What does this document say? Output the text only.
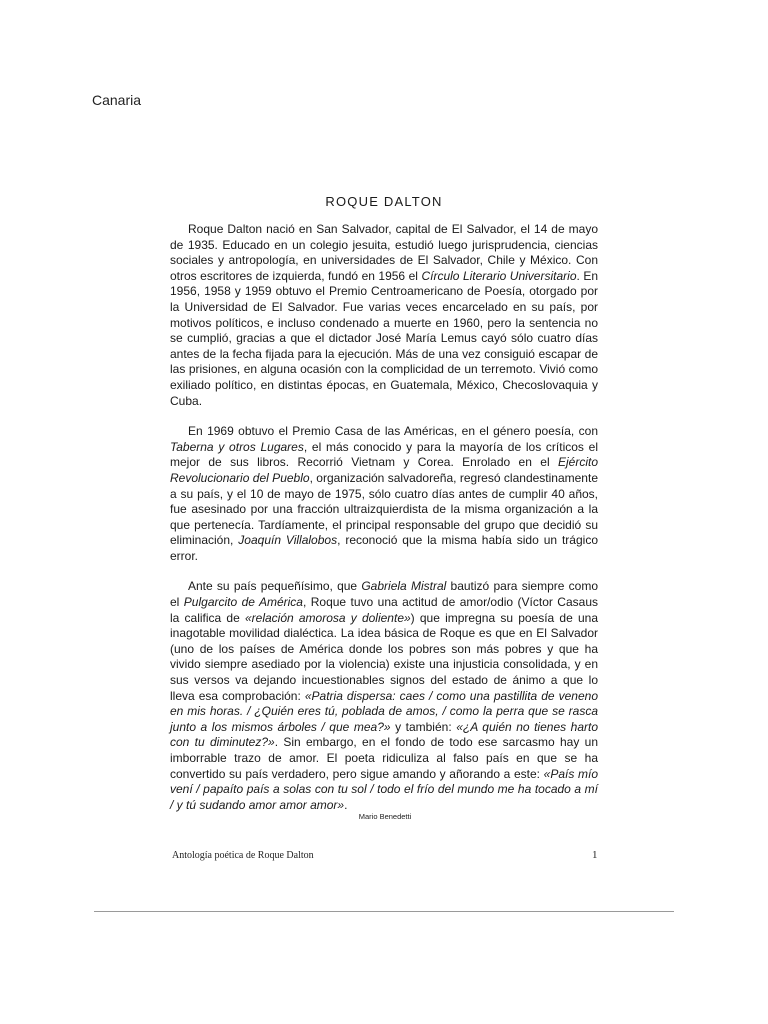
Canaria
ROQUE DALTON

Roque Dalton nació en San Salvador, capital de El Salvador, el 14 de mayo de 1935. Educado en un colegio jesuita, estudió luego jurisprudencia, ciencias sociales y antropología, en universidades de El Salvador, Chile y México. Con otros escritores de izquierda, fundó en 1956 el Círculo Literario Universitario. En 1956, 1958 y 1959 obtuvo el Premio Centroamericano de Poesía, otorgado por la Universidad de El Salvador. Fue varias veces encarcelado en su país, por motivos políticos, e incluso condenado a muerte en 1960, pero la sentencia no se cumplió, gracias a que el dictador José María Lemus cayó sólo cuatro días antes de la fecha fijada para la ejecución. Más de una vez consiguió escapar de las prisiones, en alguna ocasión con la complicidad de un terremoto. Vivió como exiliado político, en distintas épocas, en Guatemala, México, Checoslovaquia y Cuba.

En 1969 obtuvo el Premio Casa de las Américas, en el género poesía, con Taberna y otros Lugares, el más conocido y para la mayoría de los críticos el mejor de sus libros. Recorrió Vietnam y Corea. Enrolado en el Ejército Revolucionario del Pueblo, organización salvadoreña, regresó clandestinamente a su país, y el 10 de mayo de 1975, sólo cuatro días antes de cumplir 40 años, fue asesinado por una fracción ultraizquierdista de la misma organización a la que pertenecía. Tardíamente, el principal responsable del grupo que decidió su eliminación, Joaquín Villalobos, reconoció que la misma había sido un trágico error.

Ante su país pequeñísimo, que Gabriela Mistral bautizó para siempre como el Pulgarcito de América, Roque tuvo una actitud de amor/odio (Víctor Casaus la califica de «relación amorosa y doliente») que impregna su poesía de una inagotable movilidad dialéctica. La idea básica de Roque es que en El Salvador (uno de los países de América donde los pobres son más pobres y que ha vivido siempre asediado por la violencia) existe una injusticia consolidada, y en sus versos va dejando incuestionables signos del estado de ánimo a que lo lleva esa comprobación: «Patria dispersa: caes / como una pastillita de veneno en mis horas. / ¿Quién eres tú, poblada de amos, / como la perra que se rasca junto a los mismos árboles / que mea?» y también: «¿A quién no tienes harto con tu diminutez?». Sin embargo, en el fondo de todo ese sarcasmo hay un imborrable trazo de amor. El poeta ridiculiza al falso país en que se ha convertido su país verdadero, pero sigue amando y añorando a este: «País mío vení / papaíto país a solas con tu sol / todo el frío del mundo me ha tocado a mí / y tú sudando amor amor amor».

Mario Benedetti
Antología poética de Roque Dalton	1
